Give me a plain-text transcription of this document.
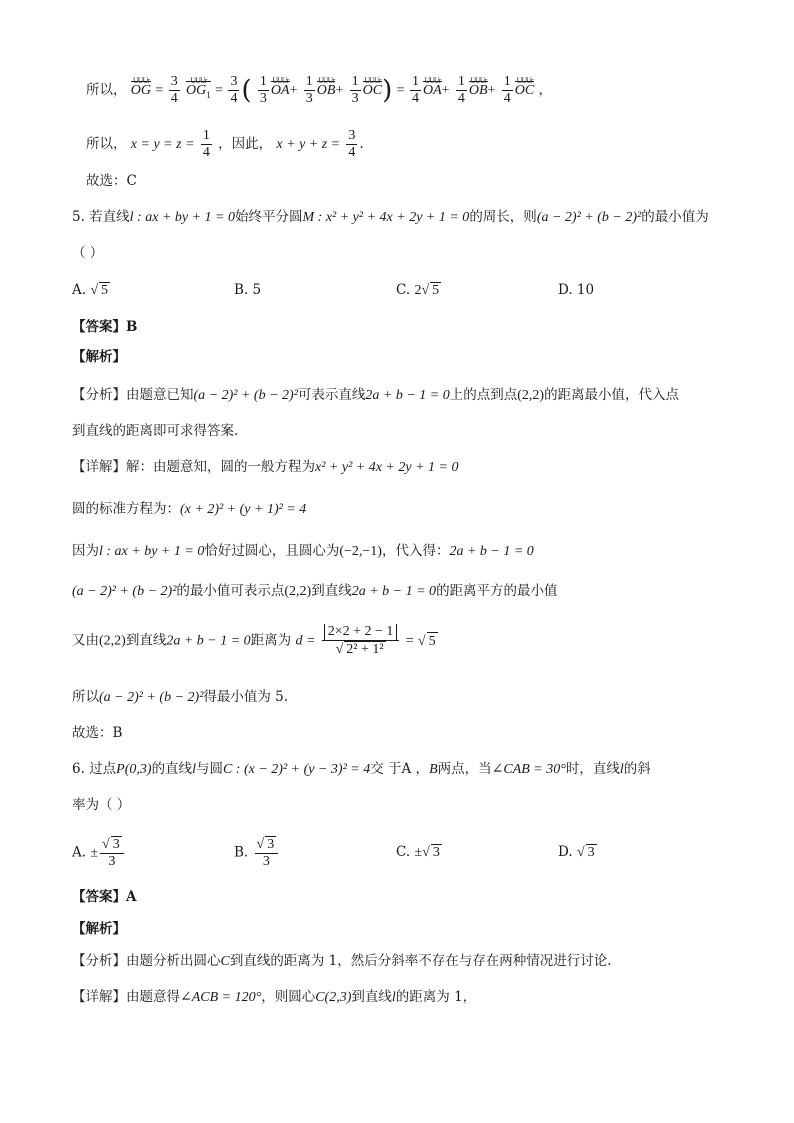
所以，
UUUr
OG = $\frac{3}{4}$
	UUUr
$OG_1 = \frac{3}{4}$ ( $\frac{1}{3}$ UUUr
$OA+ \frac{1}{3}$ UUUr
$OB+ \frac{1}{3}$ UUUr
$OC) = \frac{1}{4}$ UUUr
$OA+ \frac{1}{4}$ UUUr
$OB+ \frac{1}{4}$ UUUr
OC ，
所以， $x = y = z = \frac{1}{4}$ ，因此， $x + y + z = \frac{3}{4}$ .
故选：C
5. 若直线l : ax + by + 1 = 0始终平分圆M : x² + y² + 4x + 2y + 1 = 0的周长，则(a − 2)² + (b − 2)²的最小值为
（ ）
A. √ 5	B. 5	C. 2√ 5	D. 10
【答案】B
【解析】
【分析】由题意已知(a − 2)² + (b − 2)²可表示直线2a + b − 1 = 0上的点到点(2,2)的距离最小值，代入点
到直线的距离即可求得答案.
【详解】解：由题意知，圆的一般方程为x² + y² + 4x + 2y + 1 = 0
圆的标准方程为：(x + 2)² + (y + 1)² = 4
因为l : ax + by + 1 = 0恰好过圆心，且圆心为(−2,−1)，代入得：2a + b − 1 = 0
(a − 2)² + (b − 2)²的最小值可表示点(2,2)到直线2a + b − 1 = 0的距离平方的最小值
又由(2,2)到直线2a + b − 1 = 0距离为 $d = \frac{2\times 2 + 2 - 1}{\text{√ 2² + 1²}}$ = √ 5
所以(a − 2)² + (b − 2)²得最小值为 5.
故选：B
6. 过点P(0,3)的直线l与圆C : (x − 2)² + (y − 3)² = 4交 于A ，B两点，当∠CAB = 30°时，直线l的斜
率为（ ）
A. ± $\frac{√ 3}{3}$	B. $\frac{√ 3}{3}$	C. ±√ 3	D. √ 3
【答案】A
【解析】
【分析】由题分析出圆心C到直线的距离为 1，然后分斜率不存在与存在两种情况进行讨论.
【详解】由题意得∠ACB = 120°，则圆心C(2,3)到直线l的距离为 1，
